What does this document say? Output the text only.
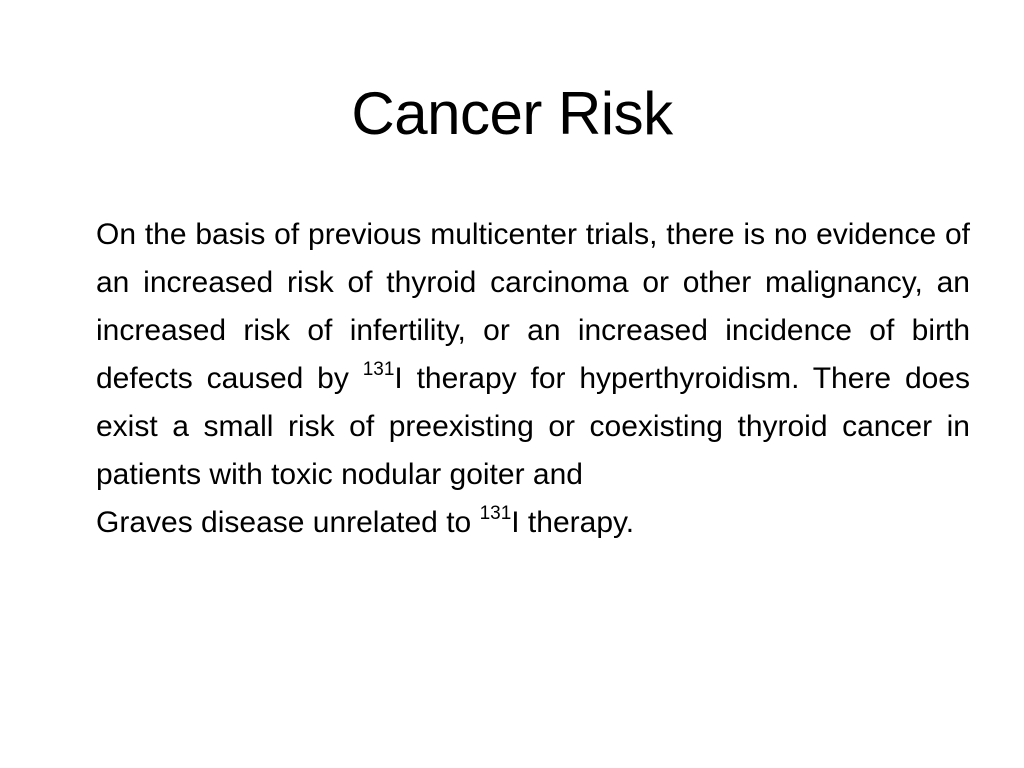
Cancer Risk

On the basis of previous multicenter trials, there is no evidence of an increased risk of thyroid carcinoma or other malignancy, an increased risk of infertility, or an increased incidence of birth defects caused by $^{131}$I therapy for hyperthyroidism. There does exist a small risk of preexisting or coexisting thyroid cancer in patients with toxic nodular goiter and

Graves disease unrelated to $^{131}$I therapy.
